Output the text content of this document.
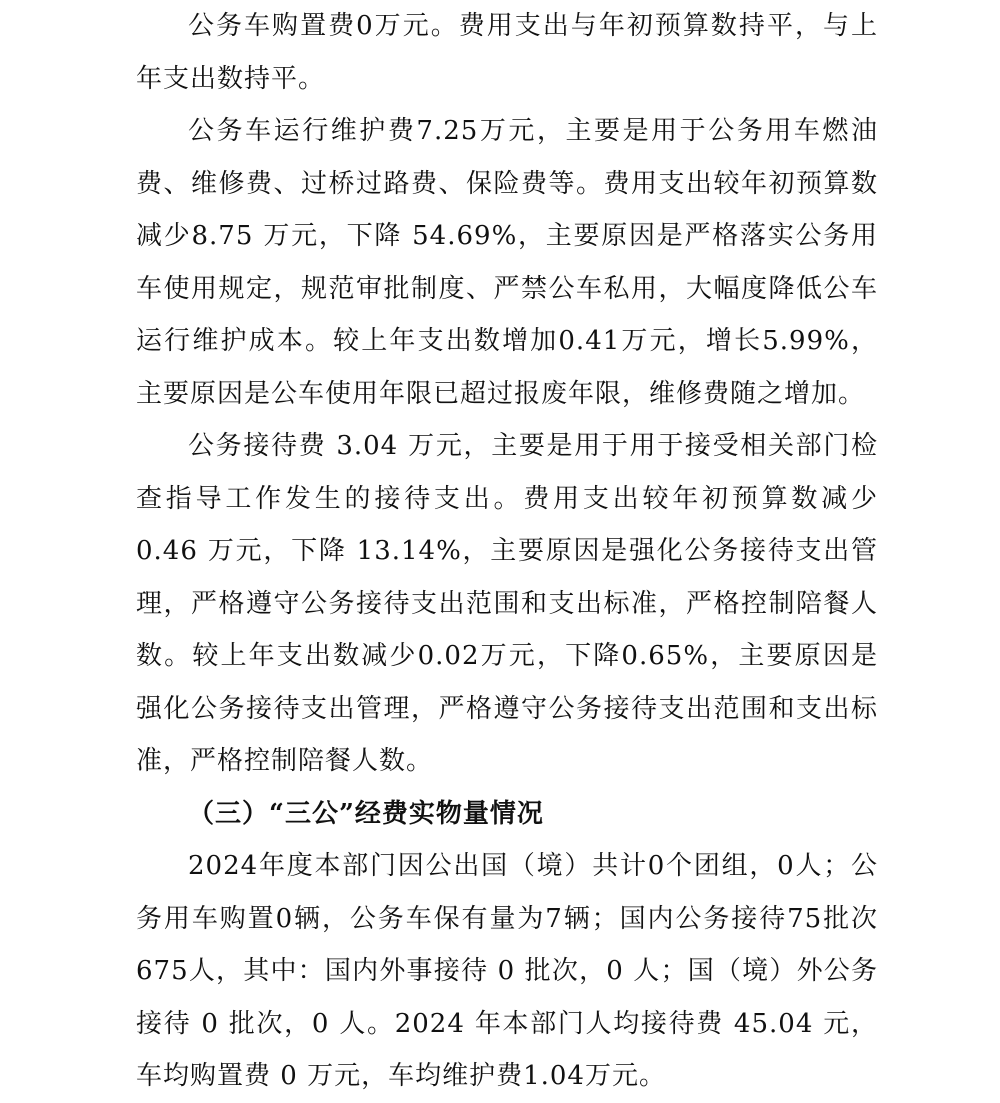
公务车购置费0万元。费用支出与年初预算数持平，与上年支出数持平。

公务车运行维护费7.25万元，主要是用于公务用车燃油费、维修费、过桥过路费、保险费等。费用支出较年初预算数减少8.75 万元，下降 54.69%，主要原因是严格落实公务用车使用规定，规范审批制度、严禁公车私用，大幅度降低公车运行维护成本。较上年支出数增加0.41万元，增长5.99%，主要原因是公车使用年限已超过报废年限，维修费随之增加。

公务接待费 3.04 万元，主要是用于用于接受相关部门检查指导工作发生的接待支出。费用支出较年初预算数减少 0.46 万元，下降 13.14%，主要原因是强化公务接待支出管理，严格遵守公务接待支出范围和支出标准，严格控制陪餐人数。较上年支出数减少0.02万元，下降0.65%，主要原因是强化公务接待支出管理，严格遵守公务接待支出范围和支出标准，严格控制陪餐人数。

（三）“三公”经费实物量情况

2024年度本部门因公出国（境）共计0个团组，0人；公务用车购置0辆，公务车保有量为7辆；国内公务接待75批次675人，其中：国内外事接待 0 批次，0 人；国（境）外公务接待 0 批次，0 人。2024 年本部门人均接待费 45.04 元，车均购置费 0 万元，车均维护费1.04万元。
